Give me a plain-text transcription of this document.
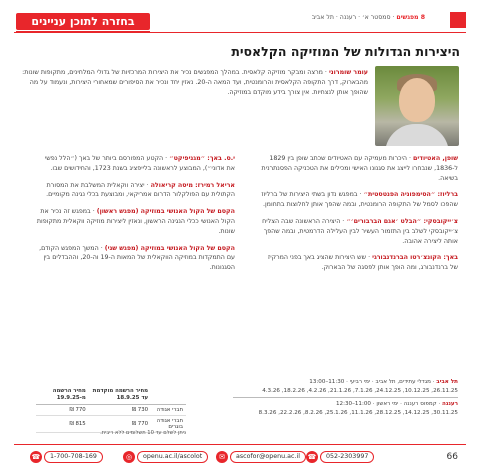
בחזרה לתוכן עניינים	8 מפגשים · סמסטר א׳ · רעננה · תל אביב
היצירות הגדולות של המוזיקה הקלאסית
עומר שומרוני · מרצה ומבקר מוזיקה קלאסית. במהלך המפגשים נכיר את היצירות המרכזיות של גדולי המלחינים, מתקופות שונות: מהבארוק, דרך התקופה הקלאסית והרומנטית, ועד המאה ה-20. נאזין יחד ונכיר את הסיפורים שמאחורי היצירות, ונעמוד על מה שהופך אותן לנצחיות. אין צורך בידע מוקדם במוזיקה.
שופן, האטיודים · היכרות מעמיקה עם האטיודים שכתב שופן בין 1829 ל-1836, שנבחרו לייצג את סגנונו האישי ומכילים את הטכניקה הפסנתרנית בשיאה.
ברליוז: ״הסימפוניה הפנטסטית״ · במפגש נדון בשתי היצירות של ברליוז שהפכו לסמל של התקופה הרומנטית, ובמה שהפך אותן לחלוצות בתחומן.
צ׳ייקובסקי: ״הבלט ׳אגם הברבורים׳״ · היצירה הראשונה שבה הצליח צ׳ייקובסקי לשלב בין התזמור העשיר לבין העלילה הדרמטית, ובמה שהפך אותה ליצירה אהובה.
באך: הקונצ׳רטו הברנדנבורגי · שש היצירות שהציג באך בפני המרקיז של ברנדנבורג, ומה הופך אותן לפסגה של הבארוק.
י.ס. באך: ״מגניפיקט״ · הקטע המפורסם ביותר של באך (״הלל נפשי את אדוני״), המבוצע לראשונה בלייפציג בשנת 1723, והחידושים שבו.
אריאל רמירז: מיסה קריאולה · יצירה ווקאלית המשלבת את המסורת הקתולית עם הפולקלור הדרום אמריקאי, ומבוצעת בכלי נגינה מקומיים.
הקסם של הקול האנושי במוזיקה (מפגש ראשון) · במפגש זה נכיר את הקול האנושי ככלי הנגינה הראשון, ונאזין ליצירות מוזיקה ווקאלית מתקופות שונות.
הקסם של הקול האנושי במוזיקה (מפגש שני) · המשך המפגש הקודם, עם התמקדות במוזיקה הווקאלית של המאות ה-19 וה-20, וההבדלים בין הסגנונות.
תל אביב · מגדלי עתידים, תל אביב · ימי רביעי · 11:30–13:00
26.11.25, 10.12.25, 24.12.25, 7.1.26, 21.1.26, 4.2.26, 18.2.26, 4.3.26
רעננה · קמפוס רעננה · ימי ראשון · 11:00–12:30
30.11.25, 14.12.25, 28.12.25, 11.1.26, 25.1.26, 8.2.26, 22.2.26, 8.3.26
	מחיר הרשמה מוקדמת עד 18.9.25	מחיר הרשמה מ-19.9.25
חברי אגודה	730 ₪	770 ₪
חברי אגודה בוגרים	770 ₪	815 ₪
ניתן לשלם עד 10 תשלומים ללא ריבית.
66
☎ 052-2303997
✉ ascofor@openu.ac.il
◎ openu.ac.il/ascolot
☎ 1-700-708-169
